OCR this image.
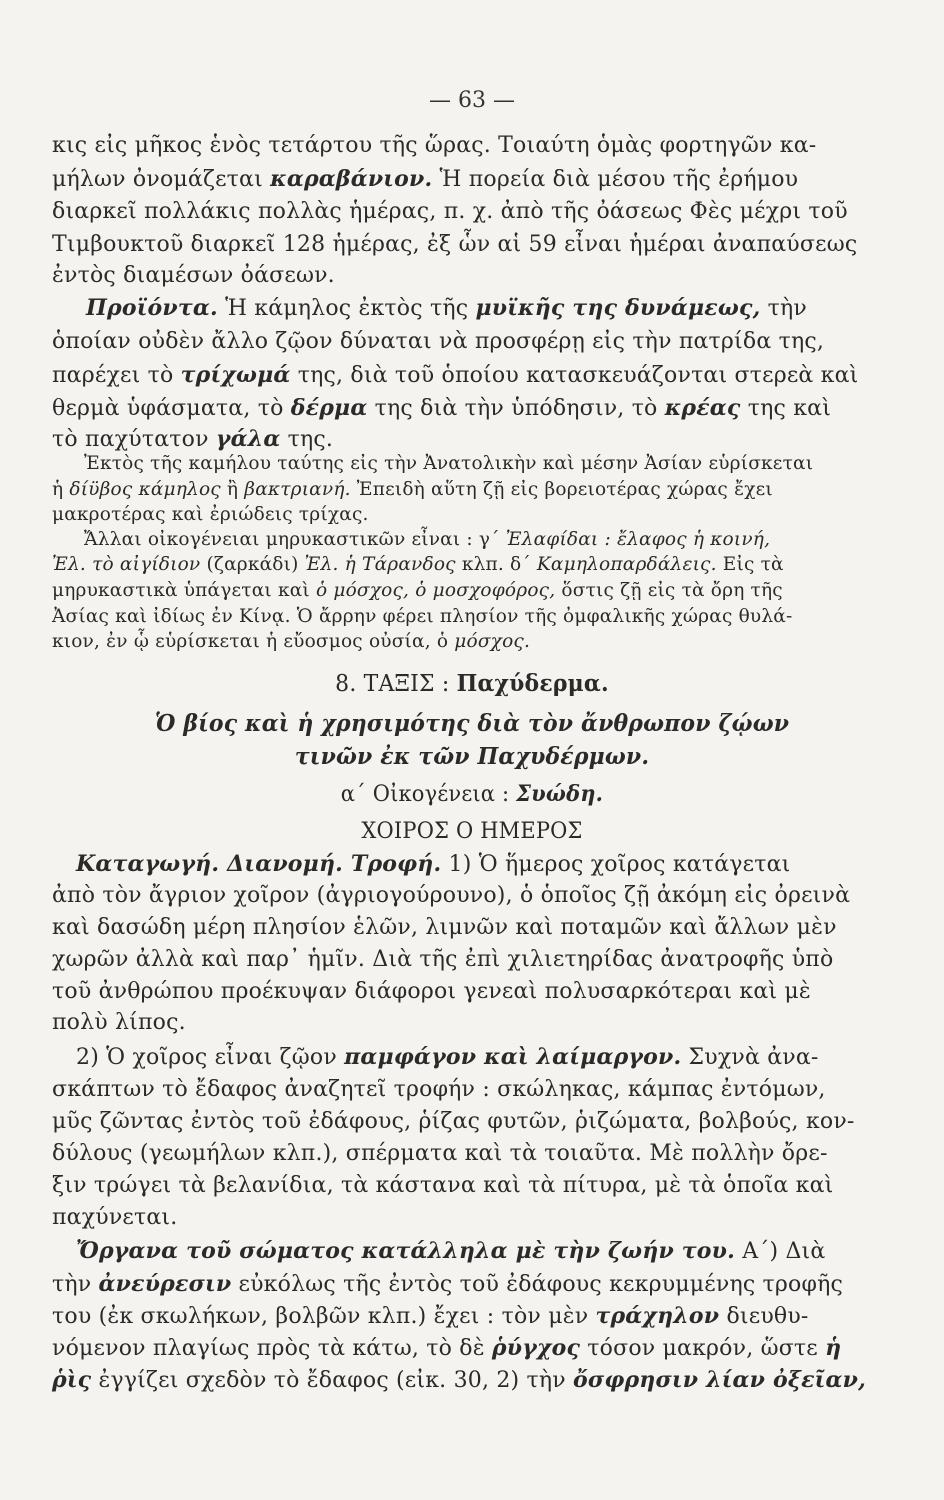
— 63 —
κις εἰς μῆκος ἑνὸς τετάρτου τῆς ὥρας. Τοιαύτη ὁμὰς φορτηγῶν κα-
μήλων ὀνομάζεται καραβάνιον. Ἡ πορεία διὰ μέσου τῆς ἐρήμου
διαρκεῖ πολλάκις πολλὰς ἡμέρας, π. χ. ἀπὸ τῆς ὀάσεως Φὲς μέχρι τοῦ
Τιμβουκτοῦ διαρκεῖ 128 ἡμέρας, ἐξ ὧν αἱ 59 εἶναι ἡμέραι ἀναπαύσεως
ἐντὸς διαμέσων ὀάσεων.
Προϊόντα. Ἡ κάμηλος ἐκτὸς τῆς μυϊκῆς της δυνάμεως, τὴν
ὁποίαν οὐδὲν ἄλλο ζῷον δύναται νὰ προσφέρῃ εἰς τὴν πατρίδα της,
παρέχει τὸ τρίχωμά της, διὰ τοῦ ὁποίου κατασκευάζονται στερεὰ καὶ
θερμὰ ὑφάσματα, τὸ δέρμα της διὰ τὴν ὑπόδησιν, τὸ κρέας της καὶ
τὸ παχύτατον γάλα της.
Ἐκτὸς τῆς καμήλου ταύτης εἰς τὴν Ἀνατολικὴν καὶ μέσην Ἀσίαν εὑρίσκεται
ἡ δίϋβος κάμηλος ἢ βακτριανή. Ἐπειδὴ αὕτη ζῇ εἰς βορειοτέρας χώρας ἔχει
μακροτέρας καὶ ἐριώδεις τρίχας.
Ἄλλαι οἰκογένειαι μηρυκαστικῶν εἶναι : γ΄ Ἐλαφίδαι : ἔλαφος ἡ κοινή,
Ἐλ. τὸ αἰγίδιον (ζαρκάδι) Ἐλ. ἡ Τάρανδος κλπ. δ΄ Καμηλοπαρδάλεις. Εἰς τὰ
μηρυκαστικὰ ὑπάγεται καὶ ὁ μόσχος, ὁ μοσχοφόρος, ὅστις ζῇ εἰς τὰ ὄρη τῆς
Ἀσίας καὶ ἰδίως ἐν Κίνᾳ. Ὁ ἄρρην φέρει πλησίον τῆς ὀμφαλικῆς χώρας θυλά-
κιον, ἐν ᾧ εὑρίσκεται ἡ εὔοσμος οὐσία, ὁ μόσχος.
8. ΤΑΞΙΣ : Παχύδερμα.
Ὁ βίος καὶ ἡ χρησιμότης διὰ τὸν ἄνθρωπον ζῴων
τινῶν ἐκ τῶν Παχυδέρμων.
α΄ Οἰκογένεια : Συώδη.
ΧΟΙΡΟΣ Ο ΗΜΕΡΟΣ
Καταγωγή. Διανομή. Τροφή. 1) Ὁ ἥμερος χοῖρος κατάγεται
ἀπὸ τὸν ἄγριον χοῖρον (ἀγριογούρουνο), ὁ ὁποῖος ζῇ ἀκόμη εἰς ὀρεινὰ
καὶ δασώδη μέρη πλησίον ἑλῶν, λιμνῶν καὶ ποταμῶν καὶ ἄλλων μὲν
χωρῶν ἀλλὰ καὶ παρ᾽ ἡμῖν. Διὰ τῆς ἐπὶ χιλιετηρίδας ἀνατροφῆς ὑπὸ
τοῦ ἀνθρώπου προέκυψαν διάφοροι γενεαὶ πολυσαρκότεραι καὶ μὲ
πολὺ λίπος.
2) Ὁ χοῖρος εἶναι ζῷον παμφάγον καὶ λαίμαργον. Συχνὰ ἀνα-
σκάπτων τὸ ἔδαφος ἀναζητεῖ τροφήν : σκώληκας, κάμπας ἐντόμων,
μῦς ζῶντας ἐντὸς τοῦ ἐδάφους, ῥίζας φυτῶν, ῥιζώματα, βολβούς, κον-
δύλους (γεωμήλων κλπ.), σπέρματα καὶ τὰ τοιαῦτα. Μὲ πολλὴν ὄρε-
ξιν τρώγει τὰ βελανίδια, τὰ κάστανα καὶ τὰ πίτυρα, μὲ τὰ ὁποῖα καὶ
παχύνεται.
Ὄργανα τοῦ σώματος κατάλληλα μὲ τὴν ζωήν του. Α΄) Διὰ
τὴν ἀνεύρεσιν εὐκόλως τῆς ἐντὸς τοῦ ἐδάφους κεκρυμμένης τροφῆς
του (ἐκ σκωλήκων, βολβῶν κλπ.) ἔχει : τὸν μὲν τράχηλον διευθυ-
νόμενον πλαγίως πρὸς τὰ κάτω, τὸ δὲ ῥύγχος τόσον μακρόν, ὥστε ἡ
ῥὶς ἐγγίζει σχεδὸν τὸ ἔδαφος (εἰκ. 30, 2) τὴν ὄσφρησιν λίαν ὀξεῖαν,
